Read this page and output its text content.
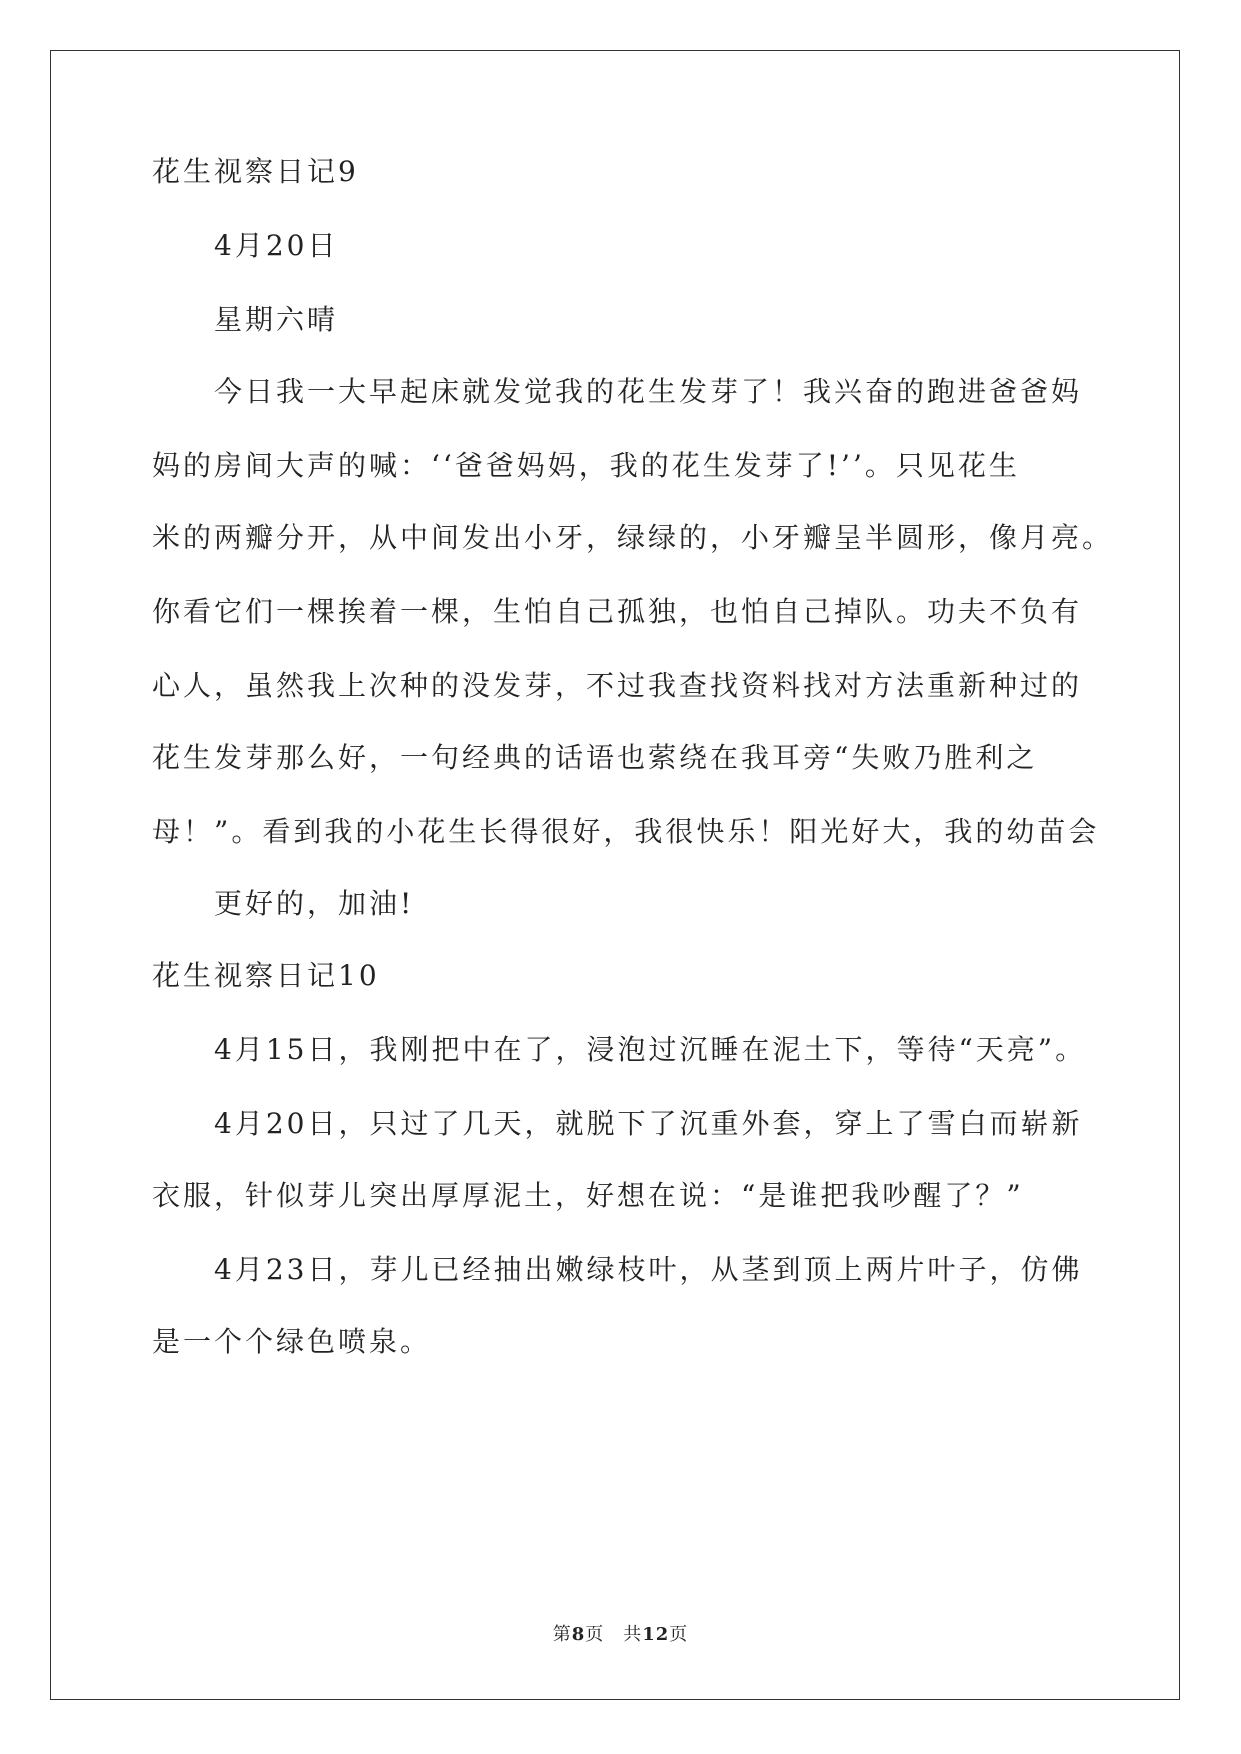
花生视察日记9
4月20日
星期六晴
今日我一大早起床就发觉我的花生发芽了！我兴奋的跑进爸爸妈
妈的房间大声的喊：‘‘爸爸妈妈，我的花生发芽了!’’。只见花生
米的两瓣分开，从中间发出小牙，绿绿的，小牙瓣呈半圆形，像月亮。
你看它们一棵挨着一棵，生怕自己孤独，也怕自己掉队。功夫不负有
心人，虽然我上次种的没发芽，不过我查找资料找对方法重新种过的
花生发芽那么好，一句经典的话语也萦绕在我耳旁“失败乃胜利之
母！”。看到我的小花生长得很好，我很快乐！阳光好大，我的幼苗会
更好的，加油!
花生视察日记10
4月15日，我刚把中在了，浸泡过沉睡在泥土下，等待“天亮”。
4月20日，只过了几天，就脱下了沉重外套，穿上了雪白而崭新
衣服，针似芽儿突出厚厚泥土，好想在说：“是谁把我吵醒了？”
4月23日，芽儿已经抽出嫩绿枝叶，从茎到顶上两片叶子，仿佛
是一个个绿色喷泉。
第8页　共12页
